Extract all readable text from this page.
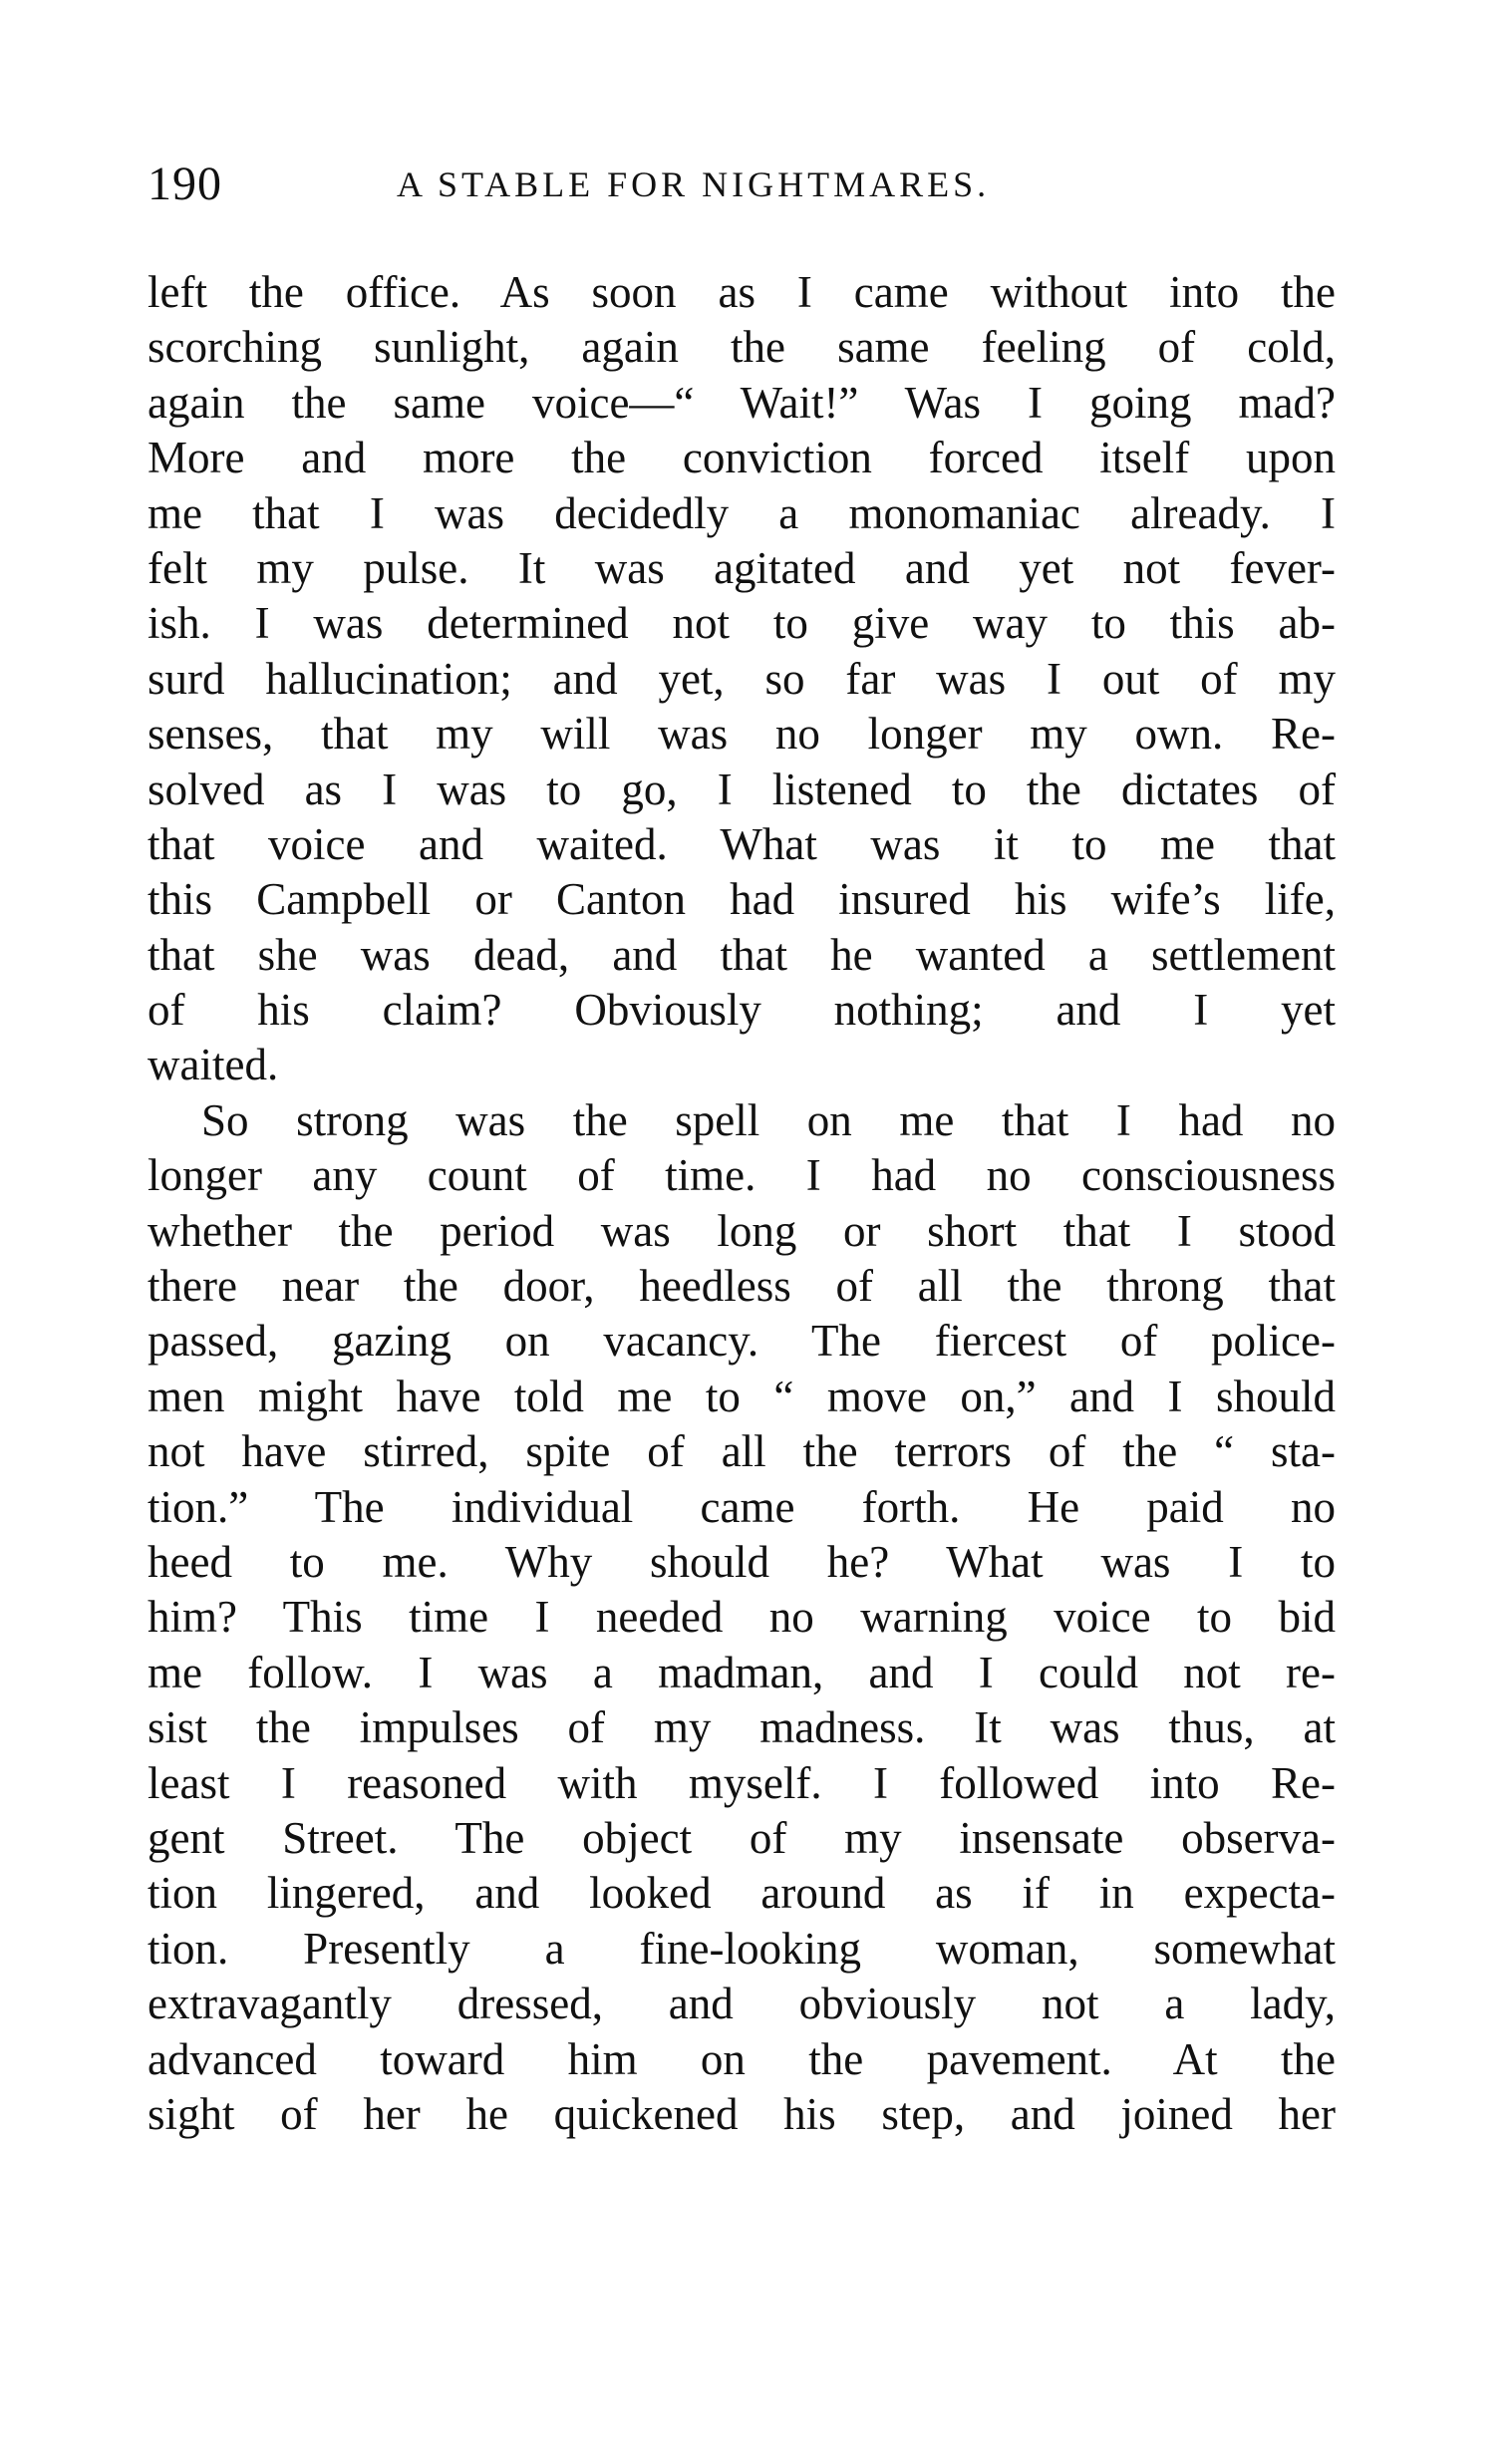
190	A STABLE FOR NIGHTMARES.
left the office. As soon as I came without into the
scorching sunlight, again the same feeling of cold,
again the same voice—“ Wait!” Was I going mad?
More and more the conviction forced itself upon
me that I was decidedly a monomaniac already. I
felt my pulse. It was agitated and yet not fever-
ish. I was determined not to give way to this ab-
surd hallucination; and yet, so far was I out of my
senses, that my will was no longer my own. Re-
solved as I was to go, I listened to the dictates of
that voice and waited. What was it to me that
this Campbell or Canton had insured his wife’s life,
that she was dead, and that he wanted a settlement
of his claim? Obviously nothing; and I yet
waited.
So strong was the spell on me that I had no
longer any count of time. I had no consciousness
whether the period was long or short that I stood
there near the door, heedless of all the throng that
passed, gazing on vacancy. The fiercest of police-
men might have told me to “ move on,” and I should
not have stirred, spite of all the terrors of the “ sta-
tion.” The individual came forth. He paid no
heed to me. Why should he? What was I to
him? This time I needed no warning voice to bid
me follow. I was a madman, and I could not re-
sist the impulses of my madness. It was thus, at
least I reasoned with myself. I followed into Re-
gent Street. The object of my insensate observa-
tion lingered, and looked around as if in expecta-
tion. Presently a fine-looking woman, somewhat
extravagantly dressed, and obviously not a lady,
advanced toward him on the pavement. At the
sight of her he quickened his step, and joined her
